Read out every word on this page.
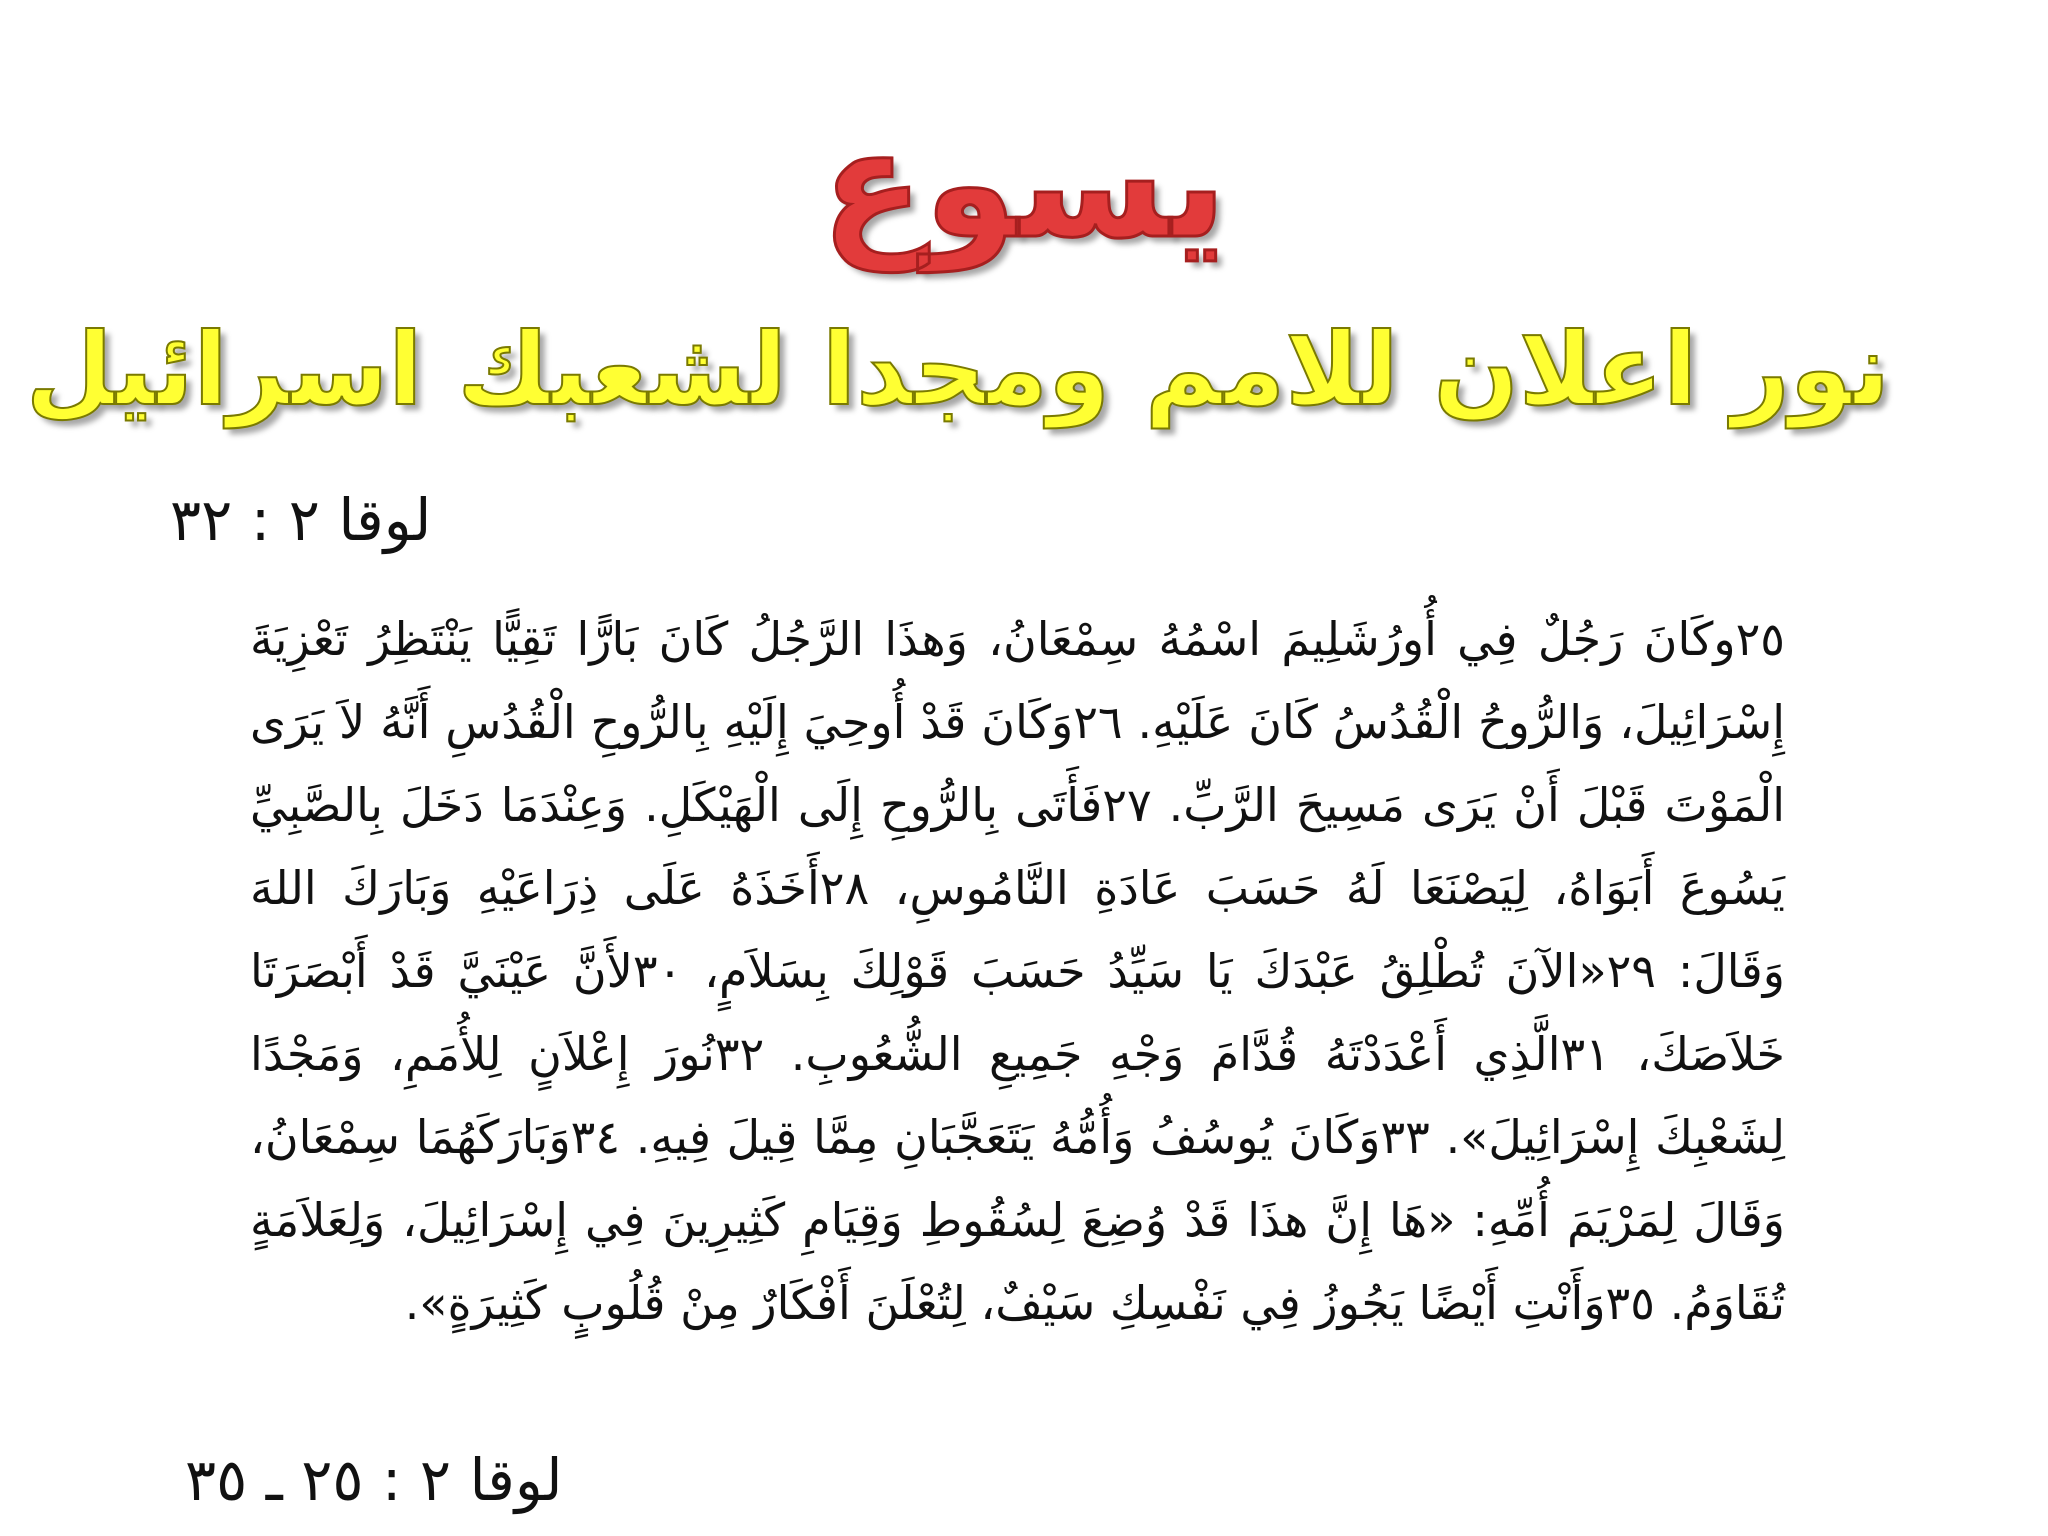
يسوع
نور اعلان للامم ومجدا لشعبك اسرائيل
لوقا ٢ : ٣٢

٢٥وكَانَ رَجُلٌ فِي أُورُشَلِيمَ اسْمُهُ سِمْعَانُ، وَهذَا الرَّجُلُ كَانَ بَارًّا تَقِيًّا يَنْتَظِرُ تَعْزِيَةَ إِسْرَائِيلَ، وَالرُّوحُ الْقُدُسُ كَانَ عَلَيْهِ. ٢٦وَكَانَ قَدْ أُوحِيَ إِلَيْهِ بِالرُّوحِ الْقُدُسِ أَنَّهُ لاَ يَرَى الْمَوْتَ قَبْلَ أَنْ يَرَى مَسِيحَ الرَّبِّ. ٢٧فَأَتَى بِالرُّوحِ إِلَى الْهَيْكَلِ. وَعِنْدَمَا دَخَلَ بِالصَّبِيِّ يَسُوعَ أَبَوَاهُ، لِيَصْنَعَا لَهُ حَسَبَ عَادَةِ النَّامُوسِ، ٢٨أَخَذَهُ عَلَى ذِرَاعَيْهِ وَبَارَكَ اللهَ وَقَالَ: ٢٩«الآنَ تُطْلِقُ عَبْدَكَ يَا سَيِّدُ حَسَبَ قَوْلِكَ بِسَلاَمٍ، ٣٠لأَنَّ عَيْنَيَّ قَدْ أَبْصَرَتَا خَلاَصَكَ، ٣١الَّذِي أَعْدَدْتَهُ قُدَّامَ وَجْهِ جَمِيعِ الشُّعُوبِ. ٣٢نُورَ إِعْلاَنٍ لِلأُمَمِ، وَمَجْدًا لِشَعْبِكَ إِسْرَائِيلَ». ٣٣وَكَانَ يُوسُفُ وَأُمُّهُ يَتَعَجَّبَانِ مِمَّا قِيلَ فِيهِ. ٣٤وَبَارَكَهُمَا سِمْعَانُ، وَقَالَ لِمَرْيَمَ أُمِّهِ: «هَا إِنَّ هذَا قَدْ وُضِعَ لِسُقُوطِ وَقِيَامِ كَثِيرِينَ فِي إِسْرَائِيلَ، وَلِعَلاَمَةٍ تُقَاوَمُ. ٣٥وَأَنْتِ أَيْضًا يَجُوزُ فِي نَفْسِكِ سَيْفٌ، لِتُعْلَنَ أَفْكَارٌ مِنْ قُلُوبٍ كَثِيرَةٍ».

لوقا ٢ : ٢٥ ـ ٣٥
